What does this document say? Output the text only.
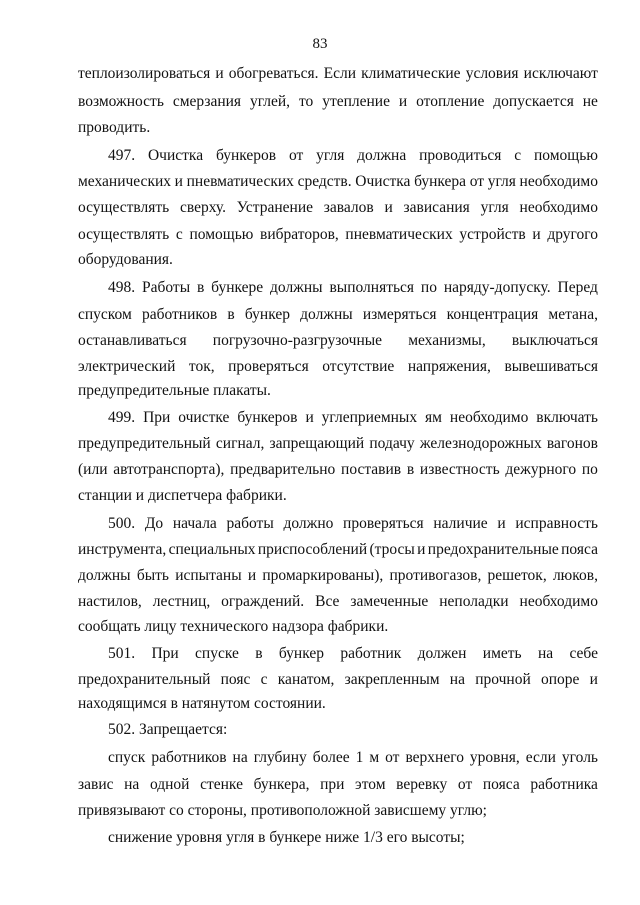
83
теплоизолироваться и обогреваться. Если климатические условия исключают
возможность смерзания углей, то утепление и отопление допускается не
проводить.
497. Очистка бункеров от угля должна проводиться с помощью
механических и пневматических средств. Очистка бункера от угля необходимо
осуществлять сверху. Устранение завалов и зависания угля необходимо
осуществлять с помощью вибраторов, пневматических устройств и другого
оборудования.
498. Работы в бункере должны выполняться по наряду-допуску. Перед
спуском работников в бункер должны измеряться концентрация метана,
останавливаться погрузочно-разгрузочные механизмы, выключаться
электрический ток, проверяться отсутствие напряжения, вывешиваться
предупредительные плакаты.
499. При очистке бункеров и углеприемных ям необходимо включать
предупредительный сигнал, запрещающий подачу железнодорожных вагонов
(или автотранспорта), предварительно поставив в известность дежурного по
станции и диспетчера фабрики.
500. До начала работы должно проверяться наличие и исправность
инструмента, специальных приспособлений (тросы и предохранительные пояса
должны быть испытаны и промаркированы), противогазов, решеток, люков,
настилов, лестниц, ограждений. Все замеченные неполадки необходимо
сообщать лицу технического надзора фабрики.
501. При спуске в бункер работник должен иметь на себе
предохранительный пояс с канатом, закрепленным на прочной опоре и
находящимся в натянутом состоянии.
502. Запрещается:
спуск работников на глубину более 1 м от верхнего уровня, если уголь
завис на одной стенке бункера, при этом веревку от пояса работника
привязывают со стороны, противоположной зависшему углю;
снижение уровня угля в бункере ниже 1/3 его высоты;
